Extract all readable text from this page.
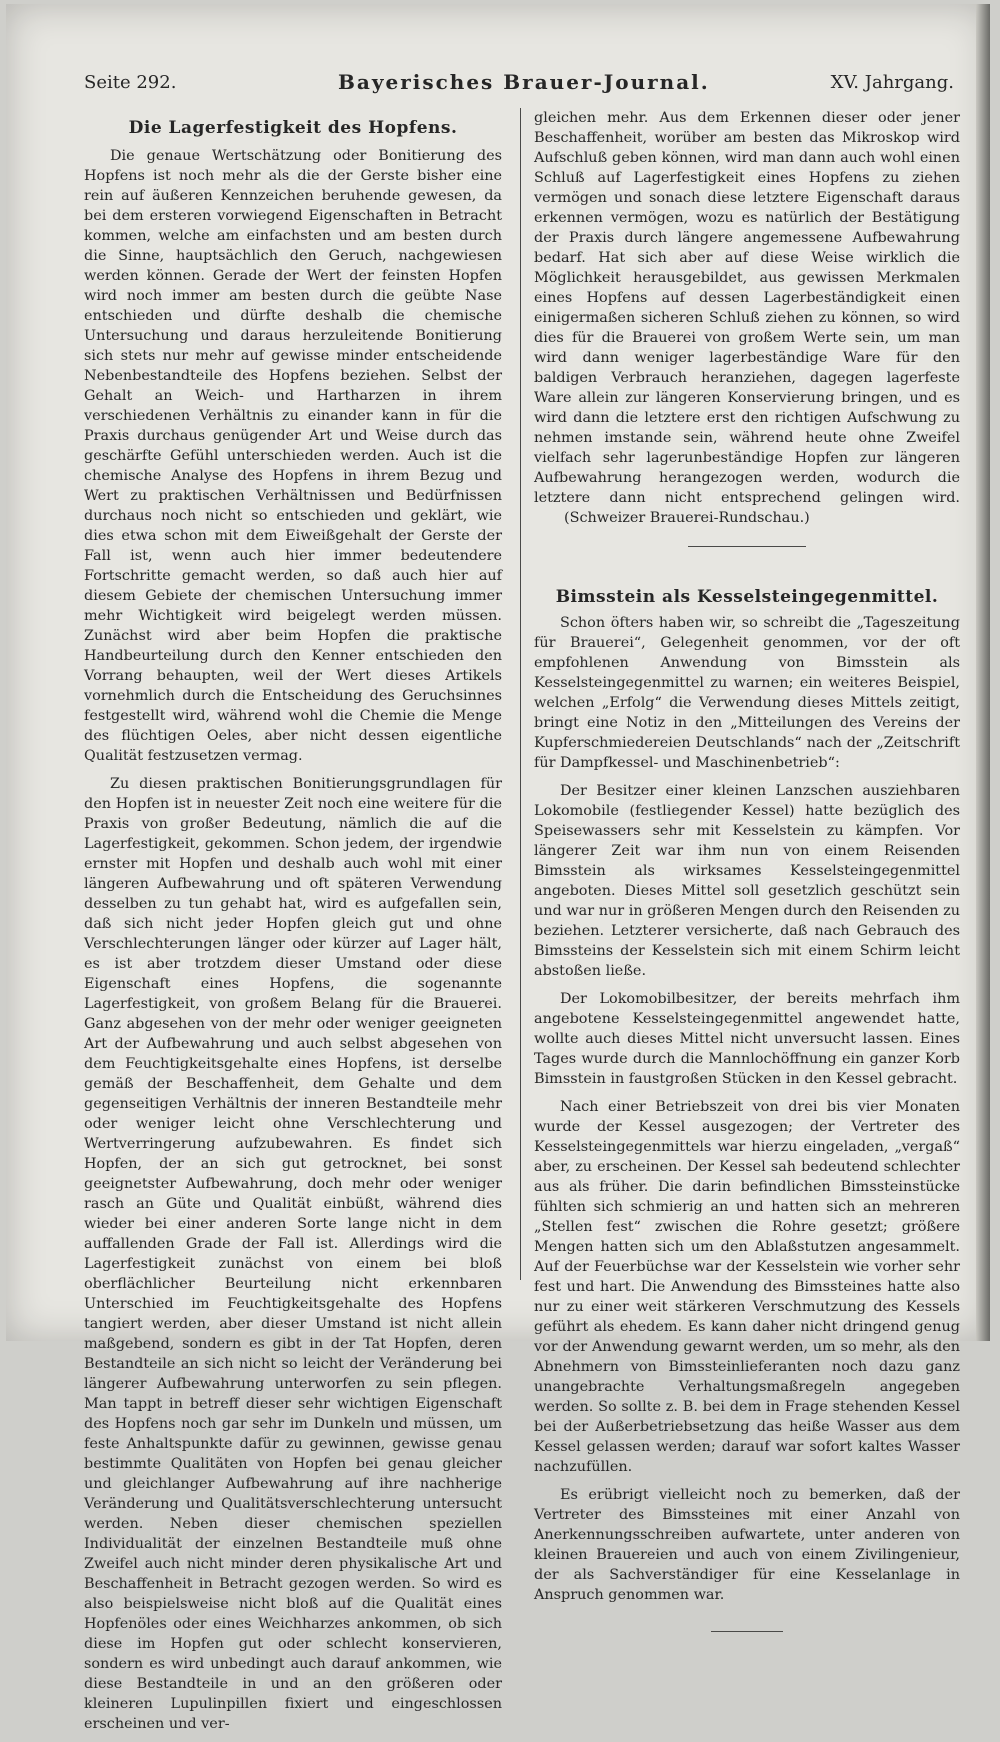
Seite 292.	Bayerisches Brauer-Journal.	XV. Jahrgang.
Die Lagerfestigkeit des Hopfens.

Die genaue Wertschätzung oder Bonitierung des Hopfens ist noch mehr als die der Gerste bisher eine rein auf äußeren Kennzeichen beruhende gewesen, da bei dem ersteren vorwiegend Eigenschaften in Betracht kommen, welche am einfachsten und am besten durch die Sinne, hauptsächlich den Geruch, nachgewiesen werden können. Gerade der Wert der feinsten Hopfen wird noch immer am besten durch die geübte Nase entschieden und dürfte deshalb die chemische Untersuchung und daraus herzuleitende Bonitierung sich stets nur mehr auf gewisse minder entscheidende Nebenbestandteile des Hopfens beziehen. Selbst der Gehalt an Weich- und Hartharzen in ihrem verschiedenen Verhältnis zu einander kann in für die Praxis durchaus genügender Art und Weise durch das geschärfte Gefühl unterschieden werden. Auch ist die chemische Analyse des Hopfens in ihrem Bezug und Wert zu praktischen Verhältnissen und Bedürfnissen durchaus noch nicht so entschieden und geklärt, wie dies etwa schon mit dem Eiweißgehalt der Gerste der Fall ist, wenn auch hier immer bedeutendere Fortschritte gemacht werden, so daß auch hier auf diesem Gebiete der chemischen Untersuchung immer mehr Wichtigkeit wird beigelegt werden müssen. Zunächst wird aber beim Hopfen die praktische Handbeurteilung durch den Kenner entschieden den Vorrang behaupten, weil der Wert dieses Artikels vornehmlich durch die Entscheidung des Geruchsinnes festgestellt wird, während wohl die Chemie die Menge des flüchtigen Oeles, aber nicht dessen eigentliche Qualität festzusetzen vermag.

Zu diesen praktischen Bonitierungsgrundlagen für den Hopfen ist in neuester Zeit noch eine weitere für die Praxis von großer Bedeutung, nämlich die auf die Lagerfestigkeit, gekommen. Schon jedem, der irgendwie ernster mit Hopfen und deshalb auch wohl mit einer längeren Aufbewahrung und oft späteren Verwendung desselben zu tun gehabt hat, wird es aufgefallen sein, daß sich nicht jeder Hopfen gleich gut und ohne Verschlechterungen länger oder kürzer auf Lager hält, es ist aber trotzdem dieser Umstand oder diese Eigenschaft eines Hopfens, die sogenannte Lagerfestigkeit, von großem Belang für die Brauerei. Ganz abgesehen von der mehr oder weniger geeigneten Art der Aufbewahrung und auch selbst abgesehen von dem Feuchtigkeitsgehalte eines Hopfens, ist derselbe gemäß der Beschaffenheit, dem Gehalte und dem gegenseitigen Verhältnis der inneren Bestandteile mehr oder weniger leicht ohne Verschlechterung und Wertverringerung aufzubewahren. Es findet sich Hopfen, der an sich gut getrocknet, bei sonst geeignetster Aufbewahrung, doch mehr oder weniger rasch an Güte und Qualität einbüßt, während dies wieder bei einer anderen Sorte lange nicht in dem auffallenden Grade der Fall ist. Allerdings wird die Lagerfestigkeit zunächst von einem bei bloß oberflächlicher Beurteilung nicht erkennbaren Unterschied im Feuchtigkeitsgehalte des Hopfens tangiert werden, aber dieser Umstand ist nicht allein maßgebend, sondern es gibt in der Tat Hopfen, deren Bestandteile an sich nicht so leicht der Veränderung bei längerer Aufbewahrung unterworfen zu sein pflegen. Man tappt in betreff dieser sehr wichtigen Eigenschaft des Hopfens noch gar sehr im Dunkeln und müssen, um feste Anhaltspunkte dafür zu gewinnen, gewisse genau bestimmte Qualitäten von Hopfen bei genau gleicher und gleichlanger Aufbewahrung auf ihre nachherige Veränderung und Qualitätsverschlechterung untersucht werden. Neben dieser chemischen speziellen Individualität der einzelnen Bestandteile muß ohne Zweifel auch nicht minder deren physikalische Art und Beschaffenheit in Betracht gezogen werden. So wird es also beispielsweise nicht bloß auf die Qualität eines Hopfenöles oder eines Weichharzes ankommen, ob sich diese im Hopfen gut oder schlecht konservieren, sondern es wird unbedingt auch darauf ankommen, wie diese Bestandteile in und an den größeren oder kleineren Lupulinpillen fixiert und eingeschlossen erscheinen und ver-

gleichen mehr. Aus dem Erkennen dieser oder jener Beschaffenheit, worüber am besten das Mikroskop wird Aufschluß geben können, wird man dann auch wohl einen Schluß auf Lagerfestigkeit eines Hopfens zu ziehen vermögen und sonach diese letztere Eigenschaft daraus erkennen vermögen, wozu es natürlich der Bestätigung der Praxis durch längere angemessene Aufbewahrung bedarf. Hat sich aber auf diese Weise wirklich die Möglichkeit herausgebildet, aus gewissen Merkmalen eines Hopfens auf dessen Lagerbeständigkeit einen einigermaßen sicheren Schluß ziehen zu können, so wird dies für die Brauerei von großem Werte sein, um man wird dann weniger lagerbeständige Ware für den baldigen Verbrauch heranziehen, dagegen lagerfeste Ware allein zur längeren Konservierung bringen, und es wird dann die letztere erst den richtigen Aufschwung zu nehmen imstande sein, während heute ohne Zweifel vielfach sehr lagerunbeständige Hopfen zur längeren Aufbewahrung herangezogen werden, wodurch die letztere dann nicht entsprechend gelingen wird. (Schweizer Brauerei-Rundschau.)

Bimsstein als Kesselsteingegenmittel.

Schon öfters haben wir, so schreibt die „Tageszeitung für Brauerei“, Gelegenheit genommen, vor der oft empfohlenen Anwendung von Bimsstein als Kesselsteingegenmittel zu warnen; ein weiteres Beispiel, welchen „Erfolg“ die Verwendung dieses Mittels zeitigt, bringt eine Notiz in den „Mitteilungen des Vereins der Kupferschmiedereien Deutschlands“ nach der „Zeitschrift für Dampfkessel- und Maschinenbetrieb“:

Der Besitzer einer kleinen Lanzschen ausziehbaren Lokomobile (festliegender Kessel) hatte bezüglich des Speisewassers sehr mit Kesselstein zu kämpfen. Vor längerer Zeit war ihm nun von einem Reisenden Bimsstein als wirksames Kesselsteingegenmittel angeboten. Dieses Mittel soll gesetzlich geschützt sein und war nur in größeren Mengen durch den Reisenden zu beziehen. Letzterer versicherte, daß nach Gebrauch des Bimssteins der Kesselstein sich mit einem Schirm leicht abstoßen ließe.

Der Lokomobilbesitzer, der bereits mehrfach ihm angebotene Kesselsteingegenmittel angewendet hatte, wollte auch dieses Mittel nicht unversucht lassen. Eines Tages wurde durch die Mannlochöffnung ein ganzer Korb Bimsstein in faustgroßen Stücken in den Kessel gebracht.

Nach einer Betriebszeit von drei bis vier Monaten wurde der Kessel ausgezogen; der Vertreter des Kesselsteingegenmittels war hierzu eingeladen, „vergaß“ aber, zu erscheinen. Der Kessel sah bedeutend schlechter aus als früher. Die darin befindlichen Bimssteinstücke fühlten sich schmierig an und hatten sich an mehreren „Stellen fest“ zwischen die Rohre gesetzt; größere Mengen hatten sich um den Ablaßstutzen angesammelt. Auf der Feuerbüchse war der Kesselstein wie vorher sehr fest und hart. Die Anwendung des Bimssteines hatte also nur zu einer weit stärkeren Verschmutzung des Kessels geführt als ehedem. Es kann daher nicht dringend genug vor der Anwendung gewarnt werden, um so mehr, als den Abnehmern von Bimssteinlieferanten noch dazu ganz unangebrachte Verhaltungsmaßregeln angegeben werden. So sollte z. B. bei dem in Frage stehenden Kessel bei der Außerbetriebsetzung das heiße Wasser aus dem Kessel gelassen werden; darauf war sofort kaltes Wasser nachzufüllen.

Es erübrigt vielleicht noch zu bemerken, daß der Vertreter des Bimssteines mit einer Anzahl von Anerkennungsschreiben aufwartete, unter anderen von kleinen Brauereien und auch von einem Zivilingenieur, der als Sachverständiger für eine Kesselanlage in Anspruch genommen war.
